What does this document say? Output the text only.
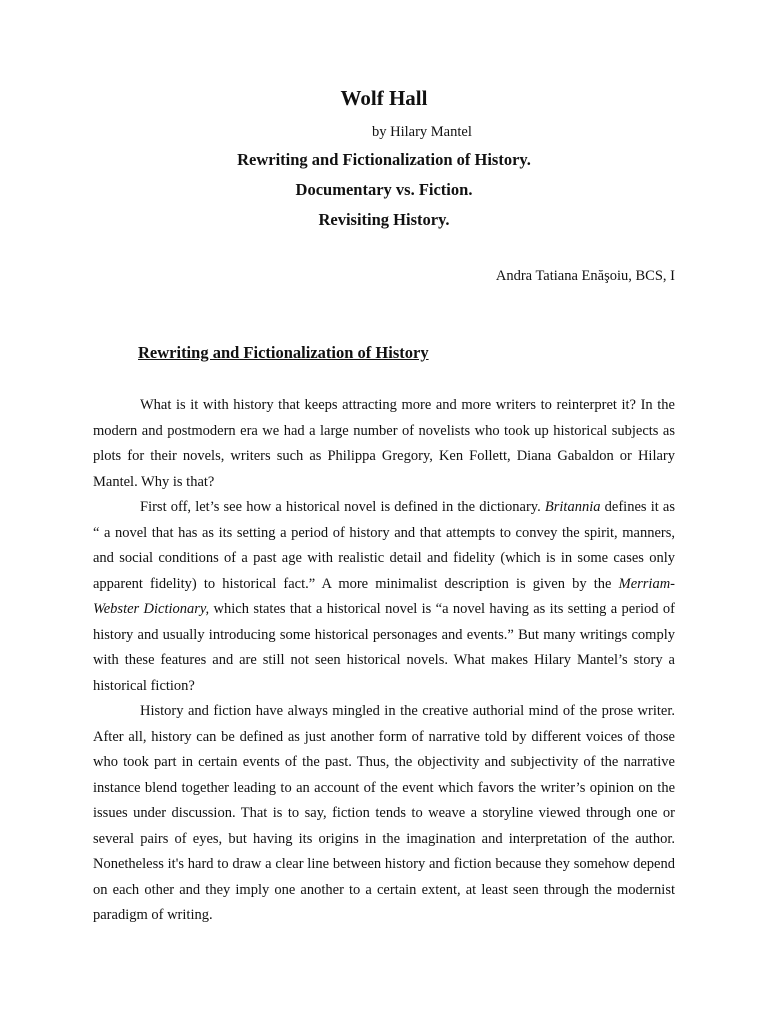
Wolf Hall
by Hilary Mantel
Rewriting and Fictionalization of History.
Documentary vs. Fiction.
Revisiting History.
Andra Tatiana Enăşoiu, BCS, I
Rewriting and Fictionalization of History

What is it with history that keeps attracting more and more writers to reinterpret it? In the modern and postmodern era we had a large number of novelists who took up historical subjects as plots for their novels, writers such as Philippa Gregory, Ken Follett, Diana Gabaldon or Hilary Mantel. Why is that?

First off, let’s see how a historical novel is defined in the dictionary. Britannia defines it as “ a novel that has as its setting a period of history and that attempts to convey the spirit, manners, and social conditions of a past age with realistic detail and fidelity (which is in some cases only apparent fidelity) to historical fact.” A more minimalist description is given by the Merriam- Webster Dictionary, which states that a historical novel is “a novel having as its setting a period of history and usually introducing some historical personages and events.” But many writings comply with these features and are still not seen historical novels. What makes Hilary Mantel’s story a historical fiction?

History and fiction have always mingled in the creative authorial mind of the prose writer. After all, history can be defined as just another form of narrative told by different voices of those who took part in certain events of the past. Thus, the objectivity and subjectivity of the narrative instance blend together leading to an account of the event which favors the writer’s opinion on the issues under discussion. That is to say, fiction tends to weave a storyline viewed through one or several pairs of eyes, but having its origins in the imagination and interpretation of the author. Nonetheless it's hard to draw a clear line between history and fiction because they somehow depend on each other and they imply one another to a certain extent, at least seen through the modernist paradigm of writing.
